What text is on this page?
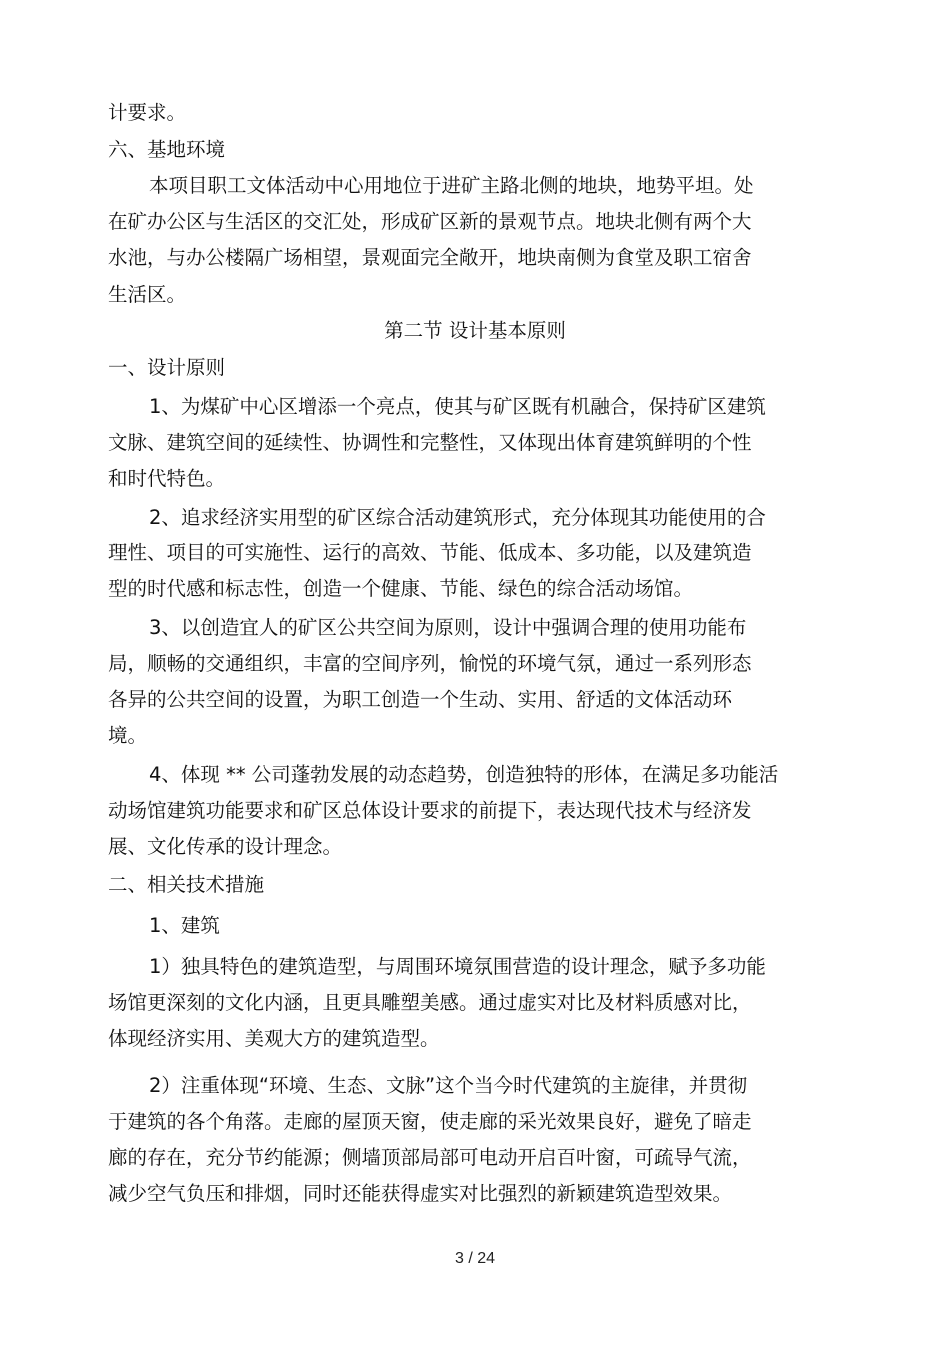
计要求。
六、基地环境
本项目职工文体活动中心用地位于进矿主路北侧的地块，地势平坦。处
在矿办公区与生活区的交汇处，形成矿区新的景观节点。地块北侧有两个大
水池，与办公楼隔广场相望，景观面完全敞开，地块南侧为食堂及职工宿舍
生活区。
第二节 设计基本原则
一、设计原则
1、为煤矿中心区增添一个亮点，使其与矿区既有机融合，保持矿区建筑
文脉、建筑空间的延续性、协调性和完整性，又体现出体育建筑鲜明的个性
和时代特色。
2、追求经济实用型的矿区综合活动建筑形式，充分体现其功能使用的合
理性、项目的可实施性、运行的高效、节能、低成本、多功能，以及建筑造
型的时代感和标志性，创造一个健康、节能、绿色的综合活动场馆。
3、以创造宜人的矿区公共空间为原则，设计中强调合理的使用功能布
局，顺畅的交通组织，丰富的空间序列，愉悦的环境气氛，通过一系列形态
各异的公共空间的设置，为职工创造一个生动、实用、舒适的文体活动环
境。
4、体现 ** 公司蓬勃发展的动态趋势，创造独特的形体，在满足多功能活
动场馆建筑功能要求和矿区总体设计要求的前提下，表达现代技术与经济发
展、文化传承的设计理念。
二、相关技术措施
1、建筑
1）独具特色的建筑造型，与周围环境氛围营造的设计理念，赋予多功能
场馆更深刻的文化内涵，且更具雕塑美感。通过虚实对比及材料质感对比，
体现经济实用、美观大方的建筑造型。
2）注重体现“环境、生态、文脉”这个当今时代建筑的主旋律，并贯彻
于建筑的各个角落。走廊的屋顶天窗，使走廊的采光效果良好，避免了暗走
廊的存在，充分节约能源；侧墙顶部局部可电动开启百叶窗，可疏导气流，
减少空气负压和排烟，同时还能获得虚实对比强烈的新颖建筑造型效果。
3 / 24
